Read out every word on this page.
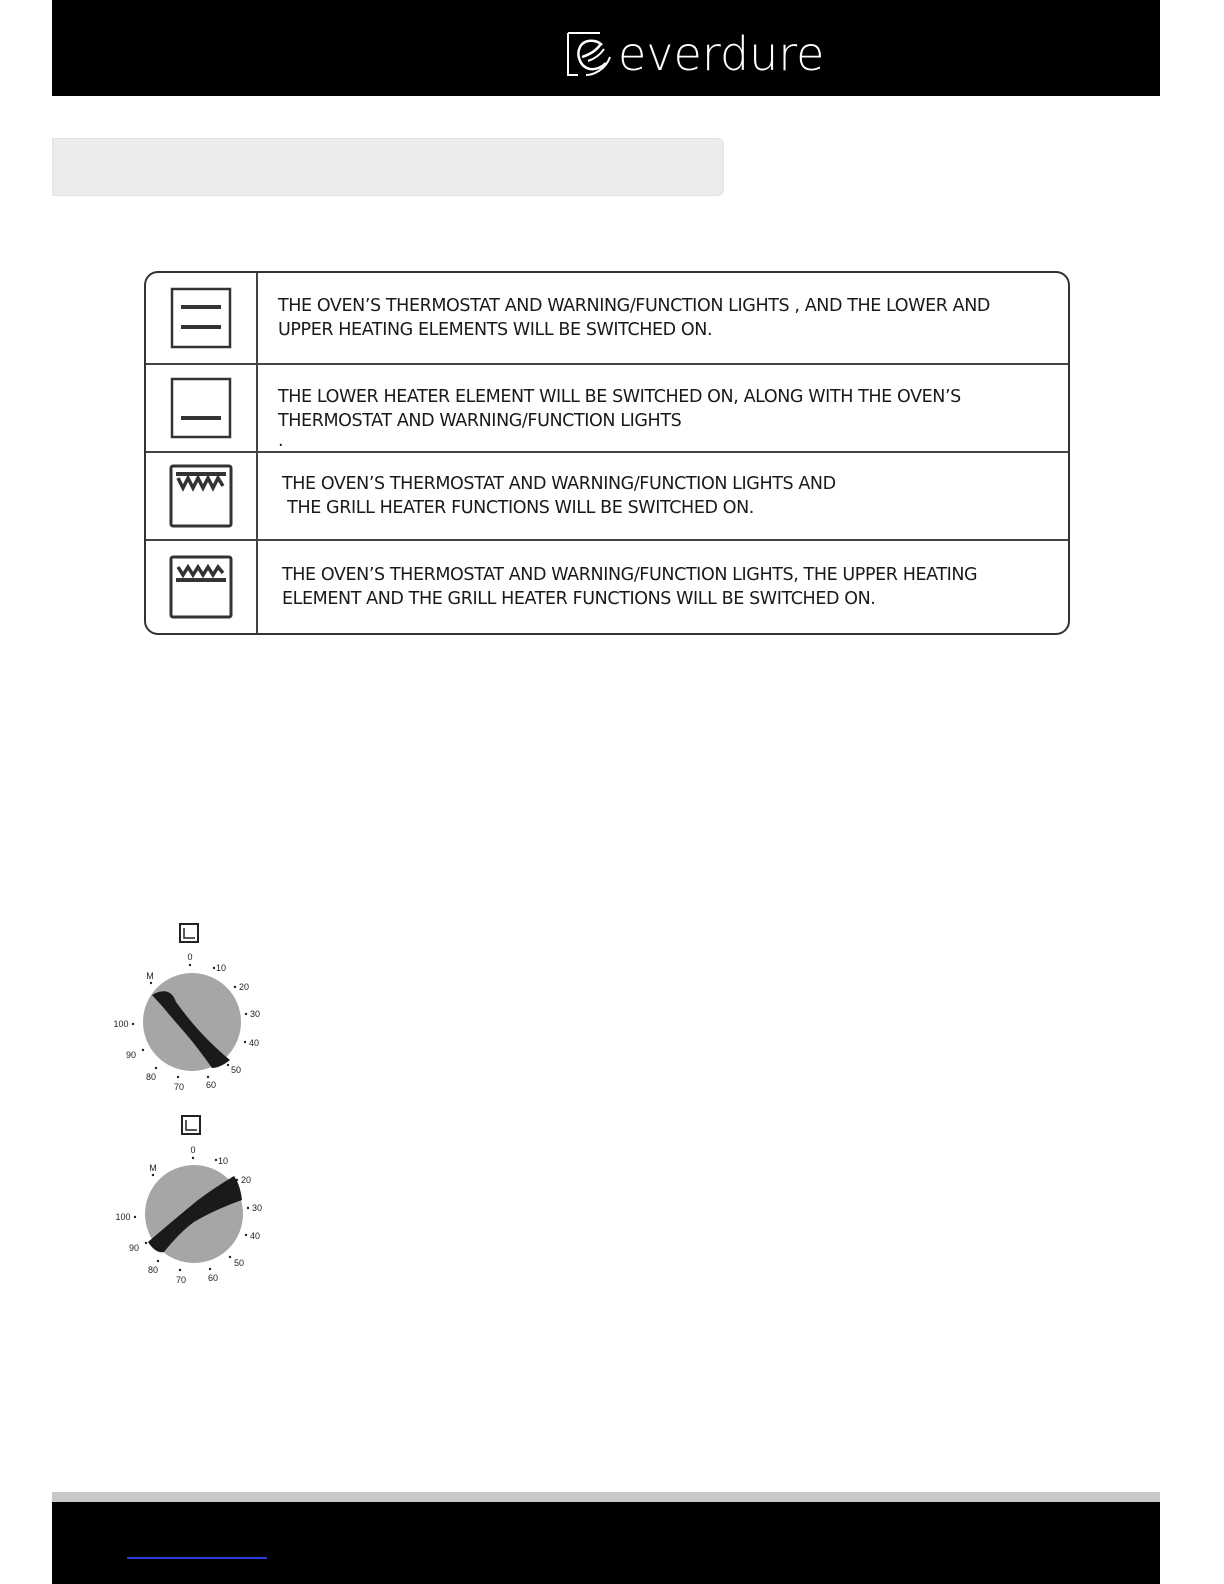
everdure
THE OVEN’S THERMOSTAT AND WARNING/FUNCTION LIGHTS , AND THE LOWER AND
UPPER HEATING ELEMENTS WILL BE SWITCHED ON.
THE LOWER HEATER ELEMENT WILL BE SWITCHED ON, ALONG WITH THE OVEN’S
THERMOSTAT AND WARNING/FUNCTION LIGHTS
.
THE OVEN’S THERMOSTAT AND WARNING/FUNCTION LIGHTS AND
THE GRILL HEATER FUNCTIONS WILL BE SWITCHED ON.
THE OVEN’S THERMOSTAT AND WARNING/FUNCTION LIGHTS, THE UPPER HEATING
ELEMENT AND THE GRILL HEATER FUNCTIONS WILL BE SWITCHED ON.
0
10
20
30
40
50
60
70
80
90
100
M
0
10
20
30
40
50
60
70
80
90
100
M
